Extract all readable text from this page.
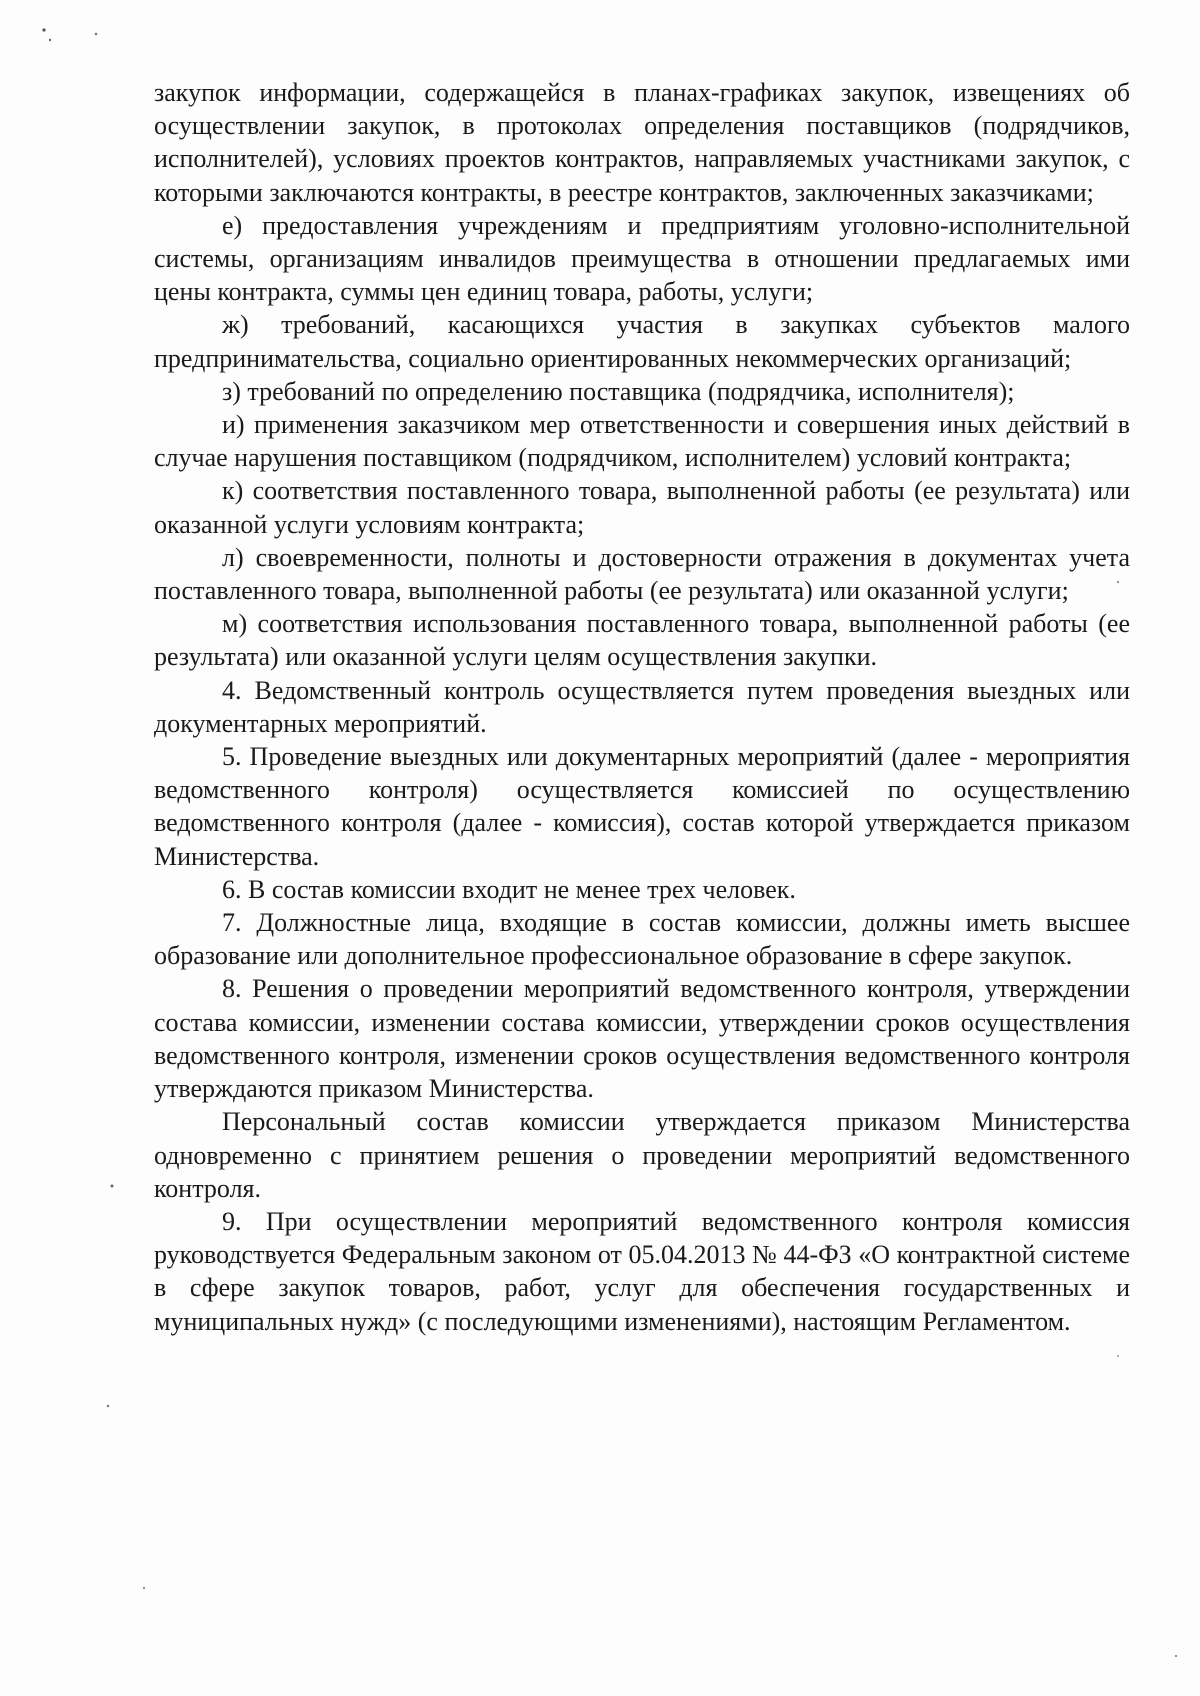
закупок информации, содержащейся в планах-графиках закупок, извещениях об осуществлении закупок, в протоколах определения поставщиков (подрядчиков, исполнителей), условиях проектов контрактов, направляемых участниками закупок, с которыми заключаются контракты, в реестре контрактов, заключенных заказчиками;

е) предоставления учреждениям и предприятиям уголовно-исполнительной системы, организациям инвалидов преимущества в отношении предлагаемых ими цены контракта, суммы цен единиц товара, работы, услуги;

ж) требований, касающихся участия в закупках субъектов малого предпринимательства, социально ориентированных некоммерческих организаций;

з) требований по определению поставщика (подрядчика, исполнителя);

и) применения заказчиком мер ответственности и совершения иных действий в случае нарушения поставщиком (подрядчиком, исполнителем) условий контракта;

к) соответствия поставленного товара, выполненной работы (ее результата) или оказанной услуги условиям контракта;

л) своевременности, полноты и достоверности отражения в документах учета поставленного товара, выполненной работы (ее результата) или оказанной услуги;

м) соответствия использования поставленного товара, выполненной работы (ее результата) или оказанной услуги целям осуществления закупки.

4. Ведомственный контроль осуществляется путем проведения выездных или документарных мероприятий.

5. Проведение выездных или документарных мероприятий (далее - мероприятия ведомственного контроля) осуществляется комиссией по осуществлению ведомственного контроля (далее - комиссия), состав которой утверждается приказом Министерства.

6. В состав комиссии входит не менее трех человек.

7. Должностные лица, входящие в состав комиссии, должны иметь высшее образование или дополнительное профессиональное образование в сфере закупок.

8. Решения о проведении мероприятий ведомственного контроля, утверждении состава комиссии, изменении состава комиссии, утверждении сроков осуществления ведомственного контроля, изменении сроков осуществления ведомственного контроля утверждаются приказом Министерства.

Персональный состав комиссии утверждается приказом Министерства одновременно с принятием решения о проведении мероприятий ведомственного контроля.

9. При осуществлении мероприятий ведомственного контроля комиссия руководствуется Федеральным законом от 05.04.2013 № 44-ФЗ «О контрактной системе в сфере закупок товаров, работ, услуг для обеспечения государственных и муниципальных нужд» (с последующими изменениями), настоящим Регламентом.
